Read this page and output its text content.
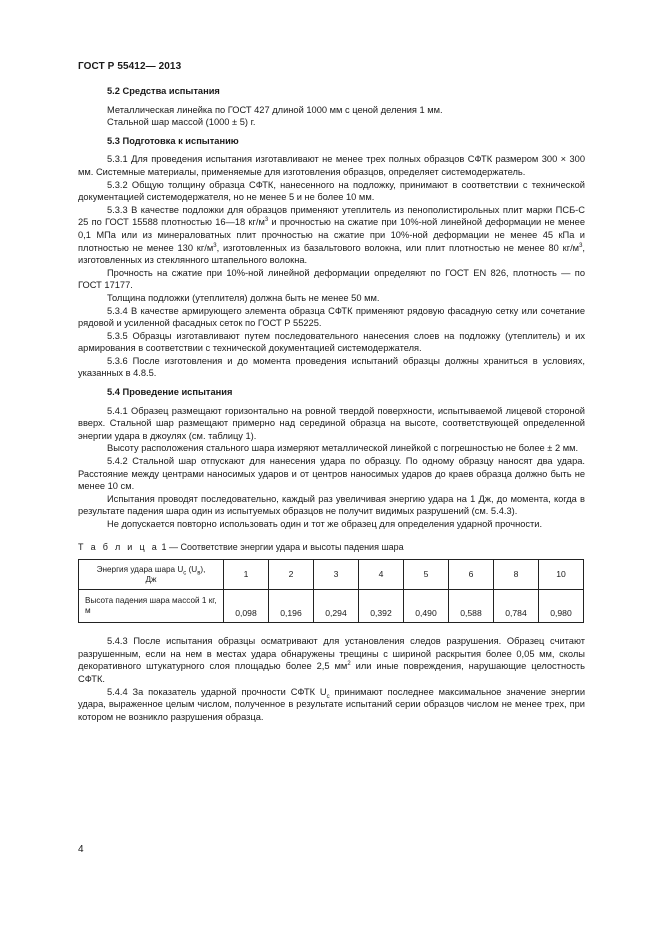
ГОСТ Р 55412— 2013

5.2 Средства испытания

Металлическая линейка по ГОСТ 427 длиной 1000 мм с ценой деления 1 мм.

Стальной шар массой (1000 ± 5) г.

5.3 Подготовка к испытанию

5.3.1 Для проведения испытания изготавливают не менее трех полных образцов СФТК размером 300 × 300 мм. Системные материалы, применяемые для изготовления образцов, определяет системодержатель.

5.3.2 Общую толщину образца СФТК, нанесенного на подложку, принимают в соответствии с технической документацией системодержателя, но не менее 5 и не более 10 мм.

5.3.3 В качестве подложки для образцов применяют утеплитель из пенополистирольных плит марки ПСБ-С 25 по ГОСТ 15588 плотностью 16—18 $кг/м^3$ и прочностью на сжатие при 10%-ной линейной деформации не менее 0,1 МПа или из минераловатных плит прочностью на сжатие при 10%-ной деформации не менее 45 кПа и плотностью не менее 130 $кг/м^3$, изготовленных из базальтового волокна, или плит плотностью не менее 80 $кг/м^3$, изготовленных из стеклянного штапельного волокна.

Прочность на сжатие при 10%-ной линейной деформации определяют по ГОСТ EN 826, плотность — по ГОСТ 17177.

Толщина подложки (утеплителя) должна быть не менее 50 мм.

5.3.4 В качестве армирующего элемента образца СФТК применяют рядовую фасадную сетку или сочетание рядовой и усиленной фасадных сеток по ГОСТ Р 55225.

5.3.5 Образцы изготавливают путем последовательного нанесения слоев на подложку (утеплитель) и их армирования в соответствии с технической документацией системодержателя.

5.3.6 После изготовления и до момента проведения испытаний образцы должны храниться в условиях, указанных в 4.8.5.

5.4 Проведение испытания

5.4.1 Образец размещают горизонтально на ровной твердой поверхности, испытываемой лицевой стороной вверх. Стальной шар размещают примерно над серединой образца на высоте, соответствующей определенной энергии удара в джоулях (см. таблицу 1).

Высоту расположения стального шара измеряют металлической линейкой с погрешностью не более ± 2 мм.

5.4.2 Стальной шар отпускают для нанесения удара по образцу. По одному образцу наносят два удара. Расстояние между центрами наносимых ударов и от центров наносимых ударов до краев образца должно быть не менее 10 см.

Испытания проводят последовательно, каждый раз увеличивая энергию удара на 1 Дж, до момента, когда в результате падения шара один из испытуемых образцов не получит видимых разрушений (см. 5.4.3).

Не допускается повторно использовать один и тот же образец для определения ударной прочности.

Т а б л и ц а 1 — Соответствие энергии удара и высоты падения шара

Энергия удара шара $U_c$ $(U_в)$,
Дж	1	2	3	4	5	6	8	10
Высота падения шара массой 1 кг, м	0,098	0,196	0,294	0,392	0,490	0,588	0,784	0,980

5.4.3 После испытания образцы осматривают для установления следов разрушения. Образец считают разрушенным, если на нем в местах удара обнаружены трещины с шириной раскрытия более 0,05 мм, сколы декоративного штукатурного слоя площадью более 2,5 $мм^2$ или иные повреждения, нарушающие целостность СФТК.

5.4.4 За показатель ударной прочности СФТК $U_c$ принимают последнее максимальное значение энергии удара, выраженное целым числом, полученное в результате испытаний серии образцов числом не менее трех, при котором не возникло разрушения образца.

4
